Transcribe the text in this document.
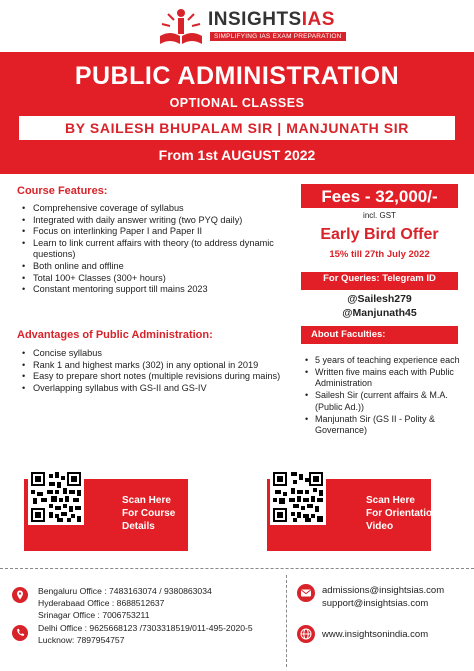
INSIGHTSIAS
SIMPLIFYING IAS EXAM PREPARATION
PUBLIC ADMINISTRATION
OPTIONAL CLASSES
BY SAILESH BHUPALAM SIR | MANJUNATH SIR
From 1st AUGUST 2022
Course Features:
• Comprehensive coverage of syllabus
• Integrated with daily answer writing (two PYQ daily)
• Focus on interlinking Paper I and Paper II
• Learn to link current affairs with theory (to address dynamic questions)
• Both online and offline
• Total 100+ Classes (300+ hours)
• Constant mentoring support till mains 2023
Advantages of Public Administration:
• Concise syllabus
• Rank 1 and highest marks (302) in any optional in 2019
• Easy to prepare short notes (multiple revisions during mains)
• Overlapping syllabus with GS-II and GS-IV
Fees - 32,000/-
incl. GST
Early Bird Offer
15% till 27th July 2022
For Queries: Telegram ID
@Sailesh279
@Manjunath45
About Faculties:
• 5 years of teaching experience each
• Written five mains each with Public Administration
• Sailesh Sir (current affairs & M.A. (Public Ad.))
• Manjunath Sir (GS II - Polity & Governance)
Scan Here
For Course
Details
Scan Here
For Orientation
Video
Bengaluru Office : 7483163074 / 9380863034
Hyderabaad Office : 8688512637
Srinagar Office : 7006753211
Delhi Office : 9625668123 /7303318519/011-495-2020-5
Lucknow: 7897954757
admissions@insightsias.com
support@insightsias.com
www.insightsonindia.com
